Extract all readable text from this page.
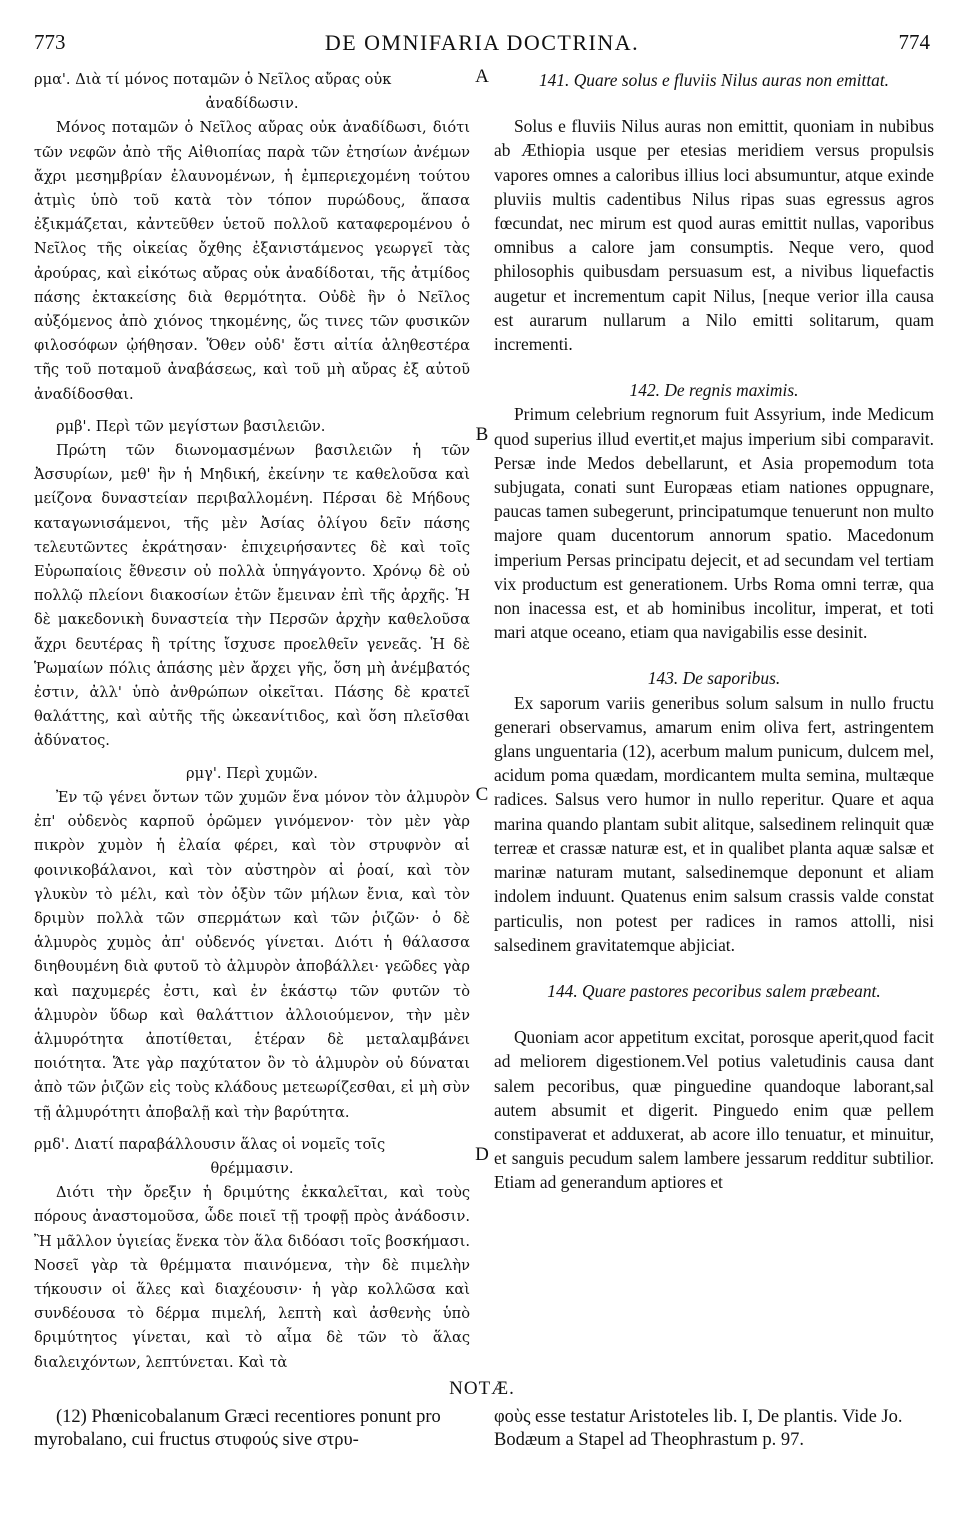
773	DE OMNIFARIA DOCTRINA.	774

ρμα'. Διὰ τί μόνος ποταμῶν ὁ Νεῖλος αὔρας οὐκ
ἀναδίδωσιν.

Μόνος ποταμῶν ὁ Νεῖλος αὔρας οὐκ ἀναδίδωσι, διότι τῶν νεφῶν ἀπὸ τῆς Αἰθιοπίας παρὰ τῶν ἐτησίων ἀνέμων ἄχρι μεσημβρίαν ἐλαυνομένων, ἡ ἐμπεριεχομένη τούτου ἀτμὶς ὑπὸ τοῦ κατὰ τὸν τόπον πυρώδους, ἅπασα ἐξικμάζεται, κἀντεῦθεν ὑετοῦ πολλοῦ καταφερομένου ὁ Νεῖλος τῆς οἰκείας ὄχθης ἐξανιστάμενος γεωργεῖ τὰς ἀρούρας, καὶ εἰκότως αὔρας οὐκ ἀναδίδοται, τῆς ἀτμίδος πάσης ἐκτακείσης διὰ θερμότητα. Οὐδὲ ἣν ὁ Νεῖλος αὐξόμενος ἀπὸ χιόνος τηκομένης, ὥς τινες τῶν φυσικῶν φιλοσόφων ᾠήθησαν. Ὅθεν οὐδ' ἔστι αἰτία ἀληθεστέρα τῆς τοῦ ποταμοῦ ἀναβάσεως, καὶ τοῦ μὴ αὔρας ἐξ αὐτοῦ ἀναδίδοσθαι.

ρμβ'. Περὶ τῶν μεγίστων βασιλειῶν.

Πρώτη τῶν διωνομασμένων βασιλειῶν ἡ τῶν Ἀσσυρίων, μεθ' ἣν ἡ Μηδική, ἐκείνην τε καθελοῦσα καὶ μείζονα δυναστείαν περιβαλλομένη. Πέρσαι δὲ Μήδους καταγωνισάμενοι, τῆς μὲν Ἀσίας ὀλίγου δεῖν πάσης τελευτῶντες ἐκράτησαν· ἐπιχειρήσαντες δὲ καὶ τοῖς Εὐρωπαίοις ἔθνεσιν οὐ πολλὰ ὑπηγάγοντο. Χρόνῳ δὲ οὐ πολλῷ πλείονι διακοσίων ἐτῶν ἔμειναν ἐπὶ τῆς ἀρχῆς. Ἡ δὲ μακεδονικὴ δυναστεία τὴν Περσῶν ἀρχὴν καθελοῦσα ἄχρι δευτέρας ἢ τρίτης ἴσχυσε προελθεῖν γενεᾶς. Ἡ δὲ Ῥωμαίων πόλις ἁπάσης μὲν ἄρχει γῆς, ὅση μὴ ἀνέμβατός ἐστιν, ἀλλ' ὑπὸ ἀνθρώπων οἰκεῖται. Πάσης δὲ κρατεῖ θαλάττης, καὶ αὐτῆς τῆς ὠκεανίτιδος, καὶ ὅση πλεῖσθαι ἀδύνατος.

ρμγ'. Περὶ χυμῶν.

Ἐν τῷ γένει ὄντων τῶν χυμῶν ἕνα μόνον τὸν ἁλμυρὸν ἐπ' οὐδενὸς καρποῦ ὁρῶμεν γινόμενον· τὸν μὲν γὰρ πικρὸν χυμὸν ἡ ἐλαία φέρει, καὶ τὸν στρυφνὸν αἱ φοινικοβάλανοι, καὶ τὸν αὐστηρὸν αἱ ῥοαί, καὶ τὸν γλυκὺν τὸ μέλι, καὶ τὸν ὀξὺν τῶν μήλων ἔνια, καὶ τὸν δριμὺν πολλὰ τῶν σπερμάτων καὶ τῶν ῥιζῶν· ὁ δὲ ἁλμυρὸς χυμὸς ἀπ' οὐδενός γίνεται. Διότι ἡ θάλασσα διηθουμένη διὰ φυτοῦ τὸ ἁλμυρὸν ἀποβάλλει· γεῶδες γὰρ καὶ παχυμερές ἐστι, καὶ ἐν ἑκάστῳ τῶν φυτῶν τὸ ἁλμυρὸν ὕδωρ καὶ θαλάττιον ἀλλοιούμενον, τὴν μὲν ἁλμυρότητα ἀποτίθεται, ἑτέραν δὲ μεταλαμβάνει ποιότητα. Ἅτε γὰρ παχύτατον ὂν τὸ ἁλμυρὸν οὐ δύναται ἀπὸ τῶν ῥιζῶν εἰς τοὺς κλάδους μετεωρίζεσθαι, εἰ μὴ σὺν τῇ ἁλμυρότητι ἀποβαλῇ καὶ τὴν βαρύτητα.

ρμδ'. Διατί παραβάλλουσιν ἅλας οἱ νομεῖς τοῖς
θρέμμασιν.

Διότι τὴν ὄρεξιν ἡ δριμύτης ἐκκαλεῖται, καὶ τοὺς πόρους ἀναστομοῦσα, ὧδε ποιεῖ τῇ τροφῇ πρὸς ἀνάδοσιν. Ἢ μᾶλλον ὑγιείας ἕνεκα τὸν ἅλα διδόασι τοῖς βοσκήμασι. Νοσεῖ γὰρ τὰ θρέμματα πιαινόμενα, τὴν δὲ πιμελὴν τήκουσιν οἱ ἅλες καὶ διαχέουσιν· ἡ γὰρ κολλῶσα καὶ συνδέουσα τὸ δέρμα πιμελή, λεπτὴ καὶ ἀσθενὴς ὑπὸ δριμύτητος γίνεται, καὶ τὸ αἷμα δὲ τῶν τὸ ἅλας διαλειχόντων, λεπτύνεται. Καὶ τὰ

A
B
C
D

141. Quare solus e fluviis Nilus auras non emittat.

Solus e fluviis Nilus auras non emittit, quoniam in nubibus ab Æthiopia usque per etesias meridiem versus propulsis vapores omnes a caloribus illius loci absumuntur, atque exinde pluviis multis cadentibus Nilus ripas suas egressus agros fœcundat, nec mirum est quod auras emittit nullas, vaporibus omnibus a calore jam consumptis. Neque vero, quod philosophis quibusdam persuasum est, a nivibus liquefactis augetur et incrementum capit Nilus, [neque verior illa causa est aurarum nullarum a Nilo emitti solitarum, quam incrementi.

142. De regnis maximis.

Primum celebrium regnorum fuit Assyrium, inde Medicum quod superius illud evertit,et majus imperium sibi comparavit. Persæ inde Medos debellarunt, et Asia propemodum tota subjugata, conati sunt Europæas etiam nationes oppugnare, paucas tamen subegerunt, principatumque tenuerunt non multo majore quam ducentorum annorum spatio. Macedonum imperium Persas principatu dejecit, et ad secundam vel tertiam vix productum est generationem. Urbs Roma omni terræ, qua non inacessa est, et ab hominibus incolitur, imperat, et toti mari atque oceano, etiam qua navigabilis esse desinit.

143. De saporibus.

Ex saporum variis generibus solum salsum in nullo fructu generari observamus, amarum enim oliva fert, astringentem glans unguentaria (12), acerbum malum punicum, dulcem mel, acidum poma quædam, mordicantem multa semina, multæque radices. Salsus vero humor in nullo reperitur. Quare et aqua marina quando plantam subit alitque, salsedinem relinquit quæ terreæ et crassæ naturæ est, et in qualibet planta aquæ salsæ et marinæ naturam mutant, salsedinemque deponunt et aliam indolem induunt. Quatenus enim salsum crassis valde constat particulis, non potest per radices in ramos attolli, nisi salsedinem gravitatemque abjiciat.

144. Quare pastores pecoribus salem præbeant.

Quoniam acor appetitum excitat, porosque aperit,quod facit ad meliorem digestionem.Vel potius valetudinis causa dant salem pecoribus, quæ pinguedine quandoque laborant,sal autem absumit et digerit. Pinguedo enim quæ pellem constipaverat et adduxerat, ab acore illo tenuatur, et minuitur, et sanguis pecudum salem lambere jessarum redditur subtilior. Etiam ad generandum aptiores et

NOTÆ.
(12) Phœnicobalanum Græci recentiores ponunt pro myrobalano, cui fructus στυφούς sive στρυ-
φοὺς esse testatur Aristoteles lib. I, De plantis. Vide Jo. Bodæum a Stapel ad Theophrastum p. 97.
